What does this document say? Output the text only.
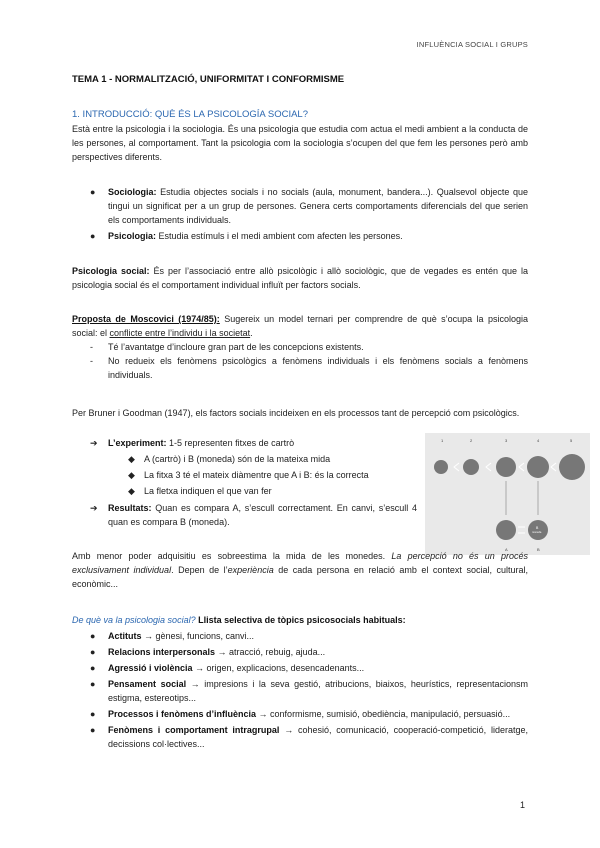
INFLUÈNCIA SOCIAL I GRUPS
TEMA 1 - NORMALITZACIÓ, UNIFORMITAT I CONFORMISME
1. INTRODUCCIÓ: QUÈ ÉS LA PSICOLOGÍA SOCIAL?

Està entre la psicologia i la sociologia. És una psicologia que estudia com actua el medi ambient a la conducta de les persones, al comportament. Tant la psicologia com la sociologia s’ocupen del que fem les persones però amb perspectives diferents.

● Sociologia: Estudia objectes socials i no socials (aula, monument, bandera...). Qualsevol objecte que tingui un significat per a un grup de persones. Genera certs comportaments diferencials del que serien els comportaments individuals.
● Psicologia: Estudia estímuls i el medi ambient com afecten les persones.

Psicologia social: És per l’associació entre allò psicològic i allò sociològic, que de vegades es entén que la psicologia social és el comportament individual influït per factors socials.

Proposta de Moscovici (1974/85): Sugereix un model ternari per comprendre de què s’ocupa la psicologia social: el conflicte entre l’individu i la societat.

- Té l’avantatge d’incloure gran part de les concepcions existents.
- No redueix els fenòmens psicològics a fenòmens individuals i els fenòmens socials a fenòmens individuals.

Per Bruner i Goodman (1947), els factors socials incideixen en els processos tant de percepció com psicològics.

➔ L’experiment: 1-5 representen fitxes de cartrò
◆ A (cartrò) i B (moneda) són de la mateixa mida
◆ La fitxa 3 té el mateix diàmentre que A i B: és la correcta
◆ La fletxa indiquen el que van fer
➔ Resultats: Quan es compara A, s’escull correctament. En canvi, s’escull 4 quan es compara B (moneda).
1	2	3	4	5
B
moneda
A	B

Amb menor poder adquisitiu es sobreestima la mida de les monedes. La percepció no és un procés exclusivament individual. Depen de l’experiència de cada persona en relació amb el context social, cultural, econòmic...

De què va la psicologia social? Llista selectiva de tòpics psicosocials habituals:

● Actituts → gènesi, funcions, canvi...
● Relacions interpersonals → atracció, rebuig, ajuda...
● Agressió i violència → origen, explicacions, desencadenants...
● Pensament social → impresions i la seva gestió, atribucions, biaixos, heurístics, representacionsm estigma, estereotips...
● Processos i fenòmens d’influència → conformisme, sumisió, obediència, manipulació, persuasió...
● Fenòmens i comportament intragrupal → cohesió, comunicació, cooperació-competició, lideratge, decissions col·lectives...
1
